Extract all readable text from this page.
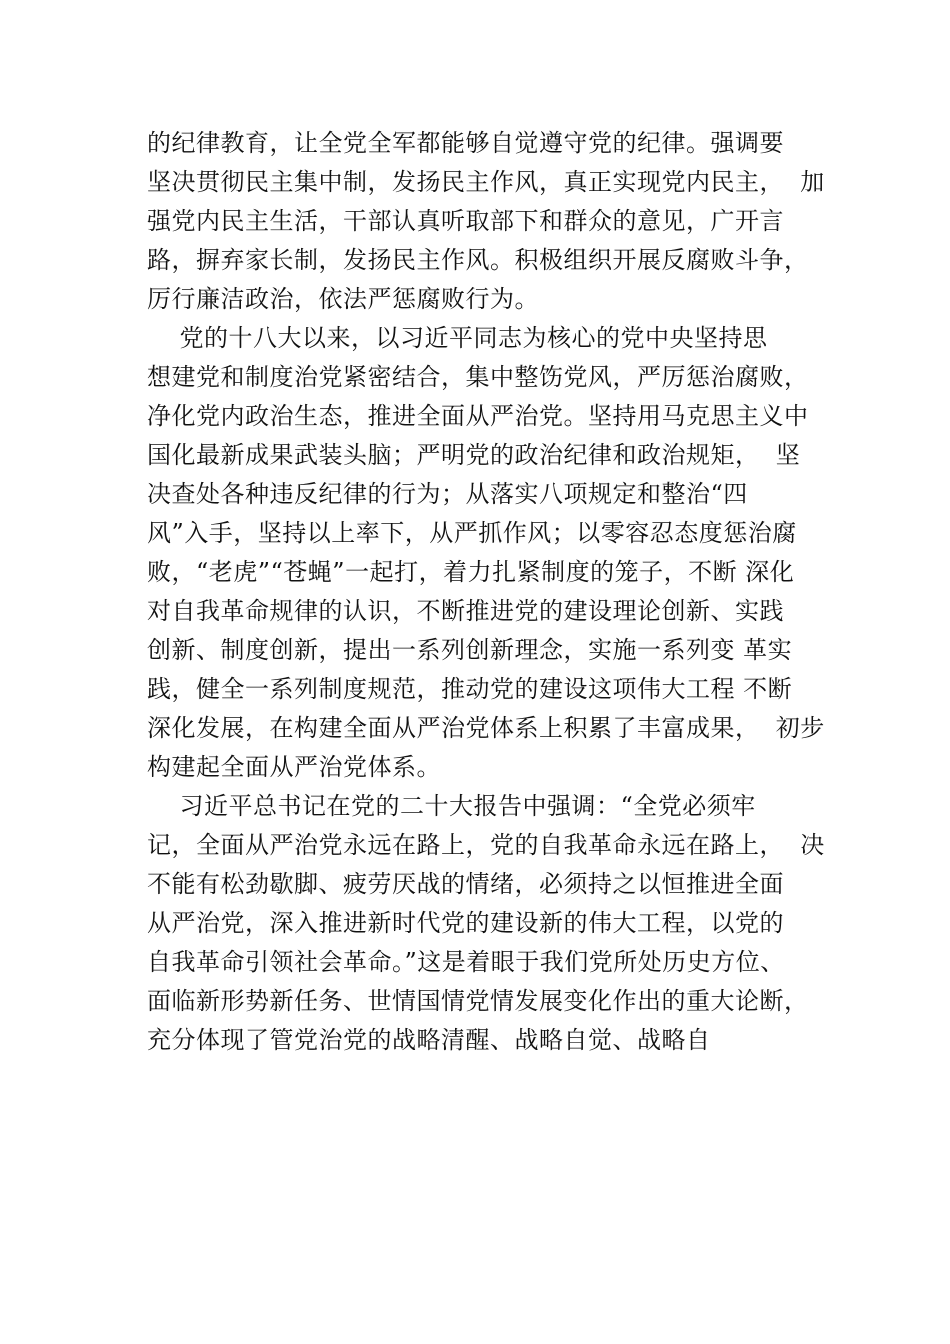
的纪律教育，让全党全军都能够自觉遵守党的纪律。强调要
坚决贯彻民主集中制，发扬民主作风，真正实现党内民主，  加
强党内民主生活，干部认真听取部下和群众的意见，广开言
路，摒弃家长制，发扬民主作风。积极组织开展反腐败斗争，
厉行廉洁政治，依法严惩腐败行为。
党的十八大以来，以习近平同志为核心的党中央坚持思
想建党和制度治党紧密结合，集中整饬党风，严厉惩治腐败，
净化党内政治生态，推进全面从严治党。坚持用马克思主义中
国化最新成果武装头脑；严明党的政治纪律和政治规矩，  坚
决查处各种违反纪律的行为；从落实八项规定和整治“四
风”入手，坚持以上率下，从严抓作风；以零容忍态度惩治腐
败，“老虎”“苍蝇”一起打，着力扎紧制度的笼子，不断 深化
对自我革命规律的认识，不断推进党的建设理论创新、实践
创新、制度创新，提出一系列创新理念，实施一系列变 革实
践，健全一系列制度规范，推动党的建设这项伟大工程 不断
深化发展，在构建全面从严治党体系上积累了丰富成果，  初步
构建起全面从严治党体系。
习近平总书记在党的二十大报告中强调：“全党必须牢
记，全面从严治党永远在路上，党的自我革命永远在路上，  决
不能有松劲歇脚、疲劳厌战的情绪，必须持之以恒推进全面
从严治党，深入推进新时代党的建设新的伟大工程，以党的
自我革命引领社会革命。”这是着眼于我们党所处历史方位、
面临新形势新任务、世情国情党情发展变化作出的重大论断，
充分体现了管党治党的战略清醒、战略自觉、战略自
